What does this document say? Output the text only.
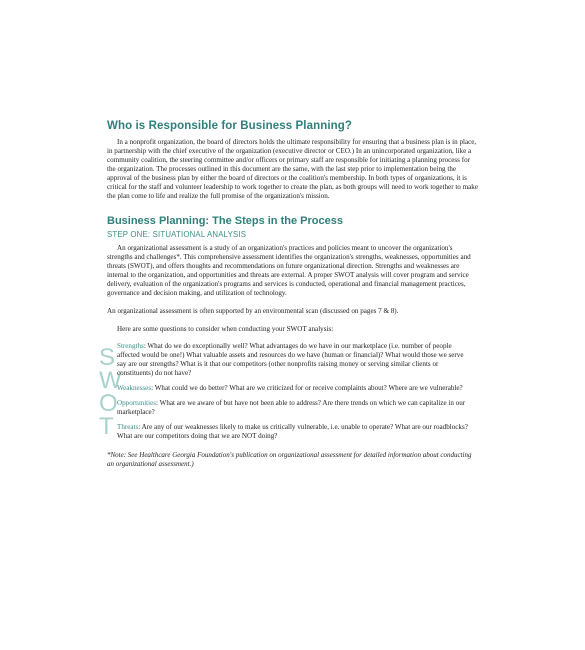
Who is Responsible for Business Planning?

In a nonprofit organization, the board of directors holds the ultimate responsibility for ensuring that a business plan is in place, in partnership with the chief executive of the organization (executive director or CEO.) In an unincorporated organization, like a community coalition, the steering committee and/or officers or primary staff are responsible for initiating a planning process for the organization. The processes outlined in this document are the same, with the last step prior to implementation being the approval of the business plan by either the board of directors or the coalition's membership. In both types of organizations, it is critical for the staff and volunteer leadership to work together to create the plan, as both groups will need to work together to make the plan come to life and realize the full promise of the organization's mission.

Business Planning: The Steps in the Process
STEP ONE: SITUATIONAL ANALYSIS

An organizational assessment is a study of an organization's practices and policies meant to uncover the organization's strengths and challenges*. This comprehensive assessment identifies the organization's strengths, weaknesses, opportunities and threats (SWOT), and offers thoughts and recommendations on future organizational direction. Strengths and weaknesses are internal to the organization, and opportunities and threats are external. A proper SWOT analysis will cover program and service delivery, evaluation of the organization's programs and services is conducted, operational and financial management practices, governance and decision making, and utilization of technology.

An organizational assessment is often supported by an environmental scan (discussed on pages 7 & 8).

Here are some questions to consider when conducting your SWOT analysis:

S
W
O
T

Strengths: What do we do exceptionally well? What advantages do we have in our marketplace (i.e. number of people affected would be one!) What valuable assets and resources do we have (human or financial)? What would those we serve say are our strengths? What is it that our competitors (other nonprofits raising money or serving similar clients or constituents) do not have?

Weaknesses: What could we do better? What are we criticized for or receive complaints about? Where are we vulnerable?

Opportunities: What are we aware of but have not been able to address? Are there trends on which we can capitalize in our marketplace?

Threats: Are any of our weaknesses likely to make us critically vulnerable, i.e. unable to operate? What are our roadblocks? What are our competitors doing that we are NOT doing?

*Note: See Healthcare Georgia Foundation's publication on organizational assessment for detailed information about conducting an organizational assessment.)
